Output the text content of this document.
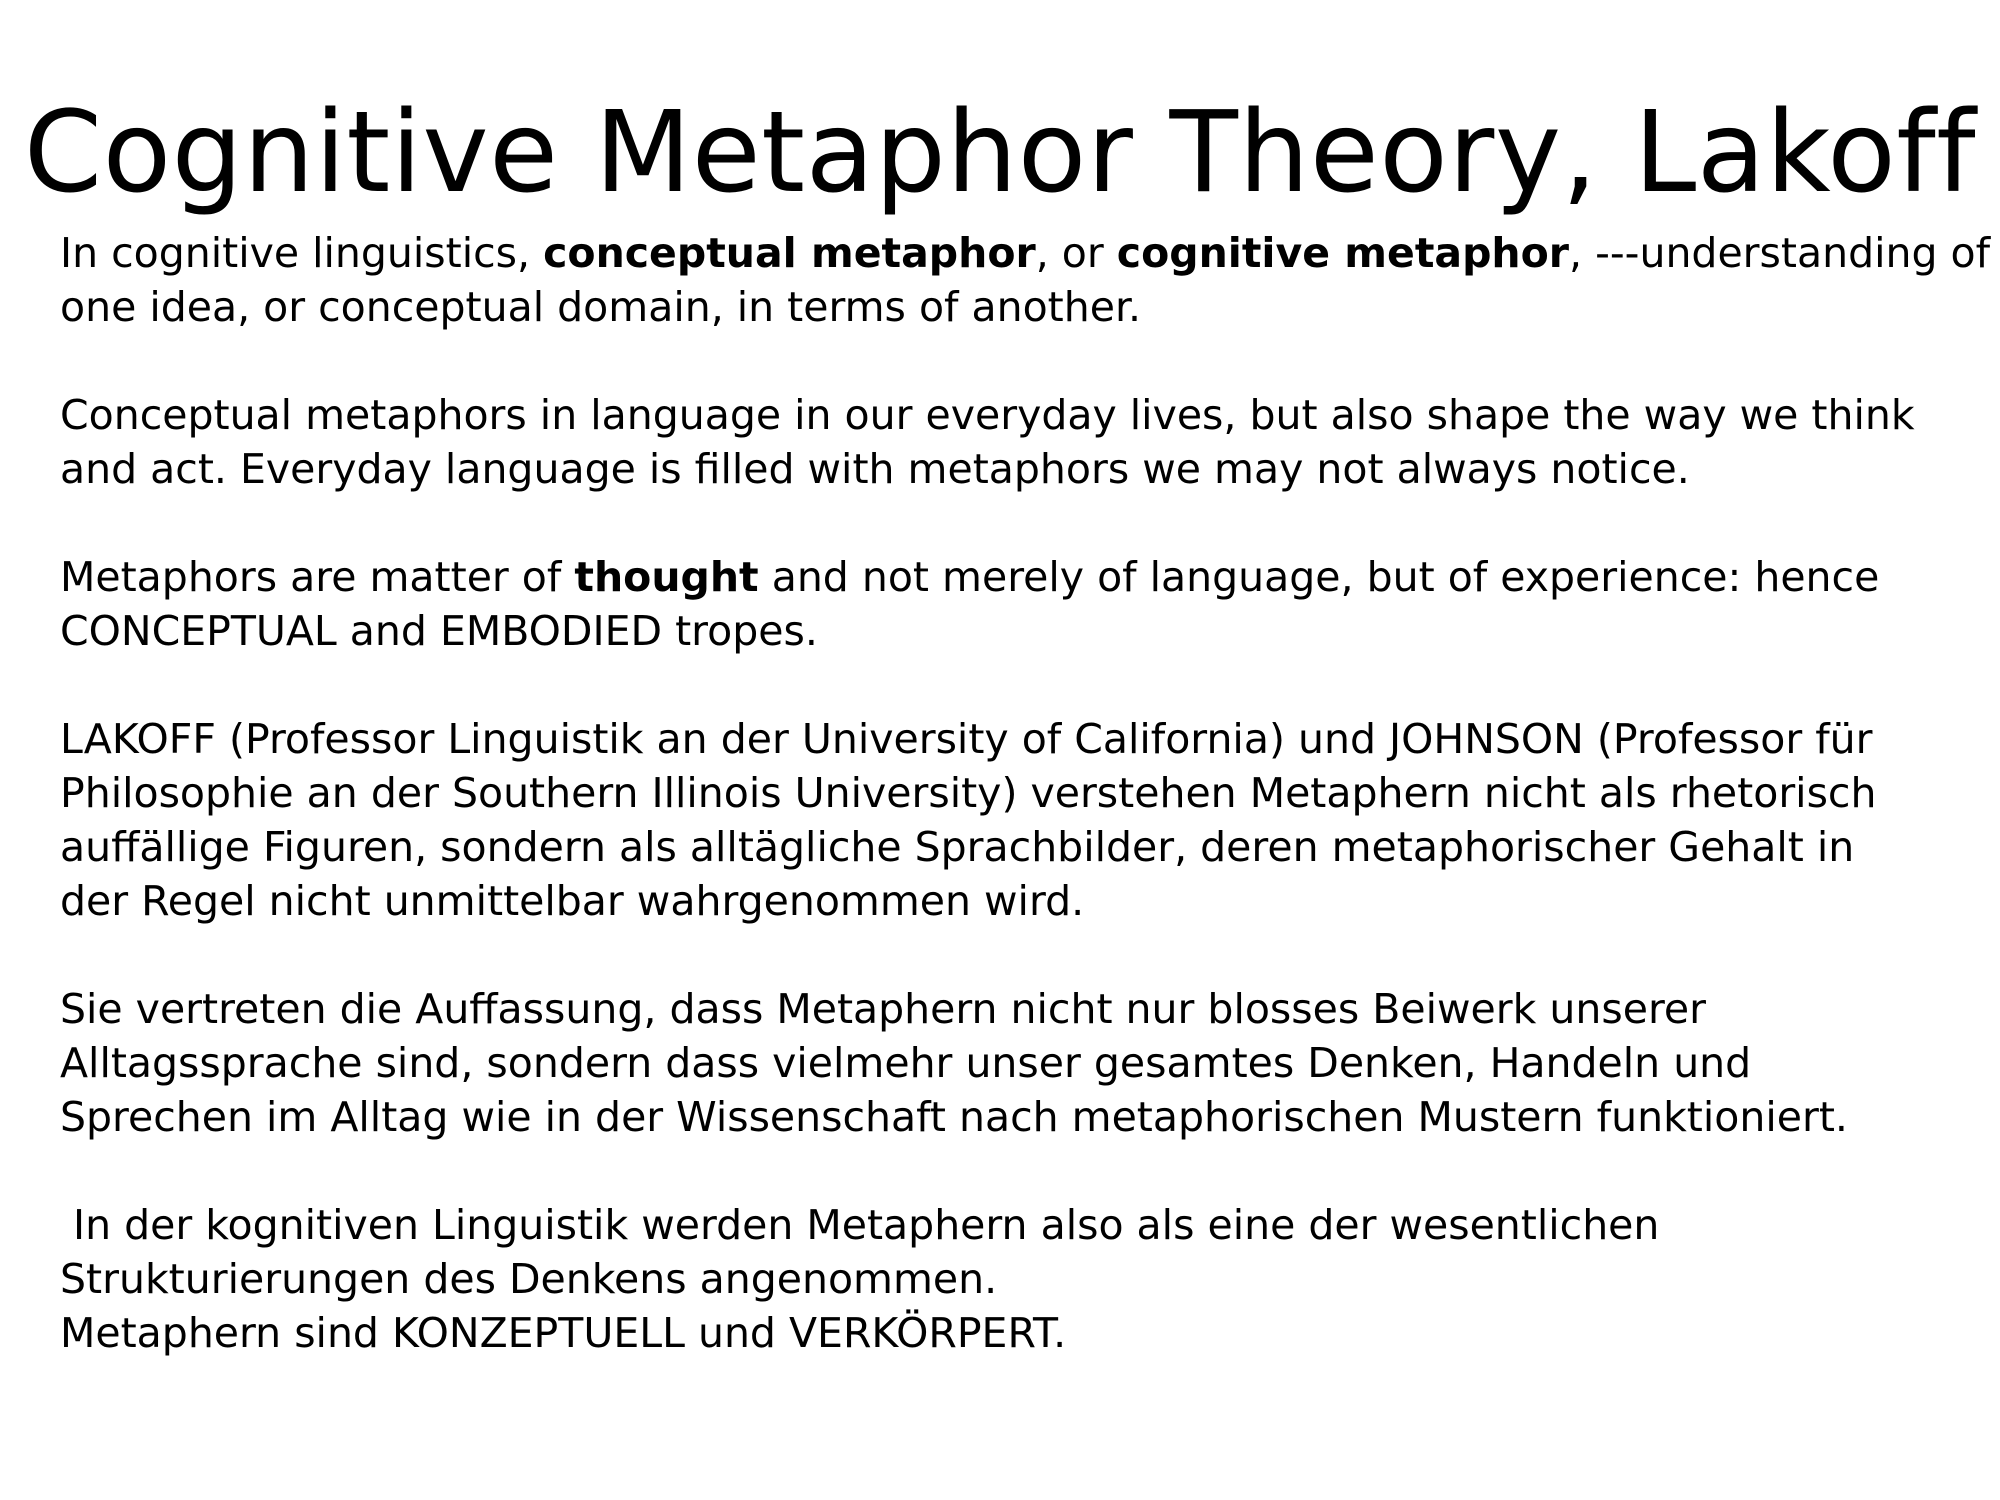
Cognitive Metaphor Theory, Lakoff
In cognitive linguistics, conceptual metaphor, or cognitive metaphor, ---understanding of
one idea, or conceptual domain, in terms of another.
Conceptual metaphors in language in our everyday lives, but also shape the way we think
and act. Everyday language is filled with metaphors we may not always notice.
Metaphors are matter of thought and not merely of language, but of experience: hence
CONCEPTUAL and EMBODIED tropes.
LAKOFF (Professor Linguistik an der University of California) und JOHNSON (Professor für
Philosophie an der Southern Illinois University) verstehen Metaphern nicht als rhetorisch
auffällige Figuren, sondern als alltägliche Sprachbilder, deren metaphorischer Gehalt in
der Regel nicht unmittelbar wahrgenommen wird.
Sie vertreten die Auffassung, dass Metaphern nicht nur blosses Beiwerk unserer
Alltagssprache sind, sondern dass vielmehr unser gesamtes Denken, Handeln und
Sprechen im Alltag wie in der Wissenschaft nach metaphorischen Mustern funktioniert.
In der kognitiven Linguistik werden Metaphern also als eine der wesentlichen
Strukturierungen des Denkens angenommen.
Metaphern sind KONZEPTUELL und VERKÖRPERT.
